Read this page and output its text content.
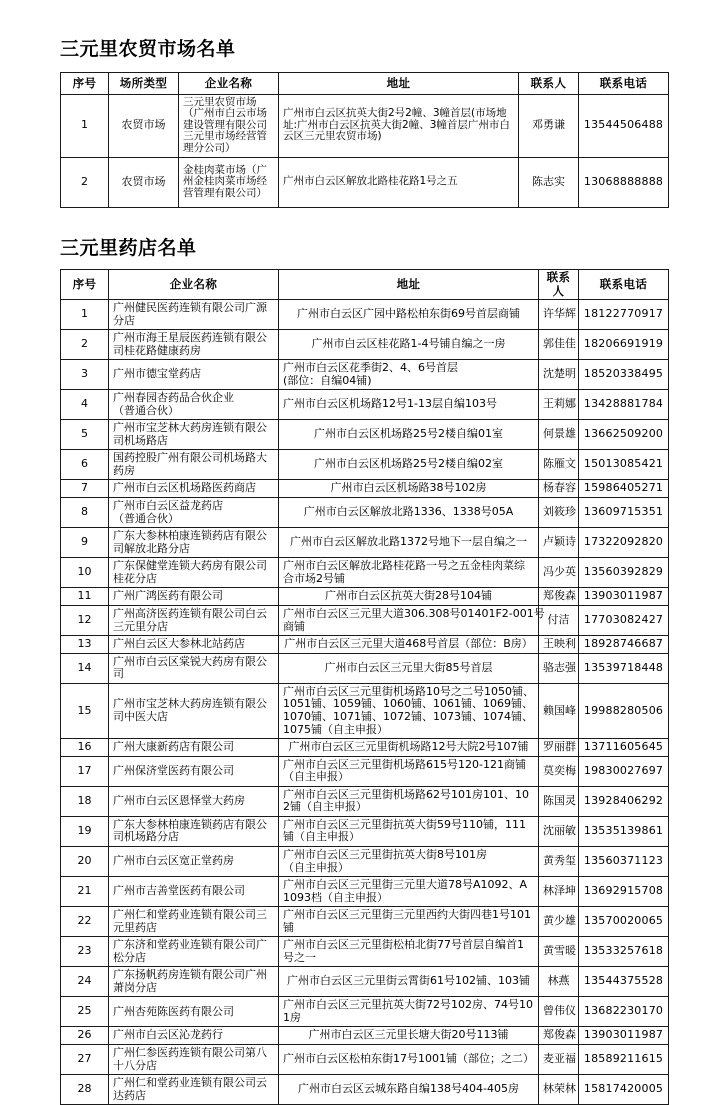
三元里农贸市场名单
序号	场所类型	企业名称	地址	联系人	联系电话
1	农贸市场	三元里农贸市场（广州市白云市场建设管理有限公司三元里市场经营管理分公司）	广州市白云区抗英大街2号2幢、3幢首层(市场地址:广州市白云区抗英大街2幢、3幢首层广州市白云区三元里农贸市场)	邓勇谦	13544506488
2	农贸市场	金桂肉菜市场（广州金桂肉菜市场经营管理有限公司）	广州市白云区解放北路桂花路1号之五	陈志实	13068888888
三元里药店名单
序号	企业名称	地址	联系人	联系电话
1	广州健民医药连锁有限公司广源分店	广州市白云区广园中路松柏东街69号首层商铺	许华辉	18122770917
2	广州市海王星辰医药连锁有限公司桂花路健康药房	广州市白云区桂花路1-4号铺自编之一房	郭佳佳	18206691919
3	广州市德宝堂药店	广州市白云区花季街2、4、6号首层
(部位：自编04铺)	沈楚明	18520338495
4	广州春园杏药品合伙企业
（普通合伙）	广州市白云区机场路12号1-13层自编103号	王莉娜	13428881784
5	广州市宝芝林大药房连锁有限公司机场路店	广州市白云区机场路25号2楼自编01室	何景雄	13662509200
6	国药控股广州有限公司机场路大药房	广州市白云区机场路25号2楼自编02室	陈雁文	15013085421
7	广州市白云区机场路医药商店	广州市白云区机场路38号102房	杨春容	15986405271
8	广州市白云区益龙药店
（普通合伙）	广州市白云区解放北路1336、1338号05A	刘筱珍	13609715351
9	广东大参林柏康连锁药店有限公司解放北路分店	广州市白云区解放北路1372号地下一层自编之一	卢颖诗	17322092820
10	广东保健堂连锁大药房有限公司桂花分店	广州市白云区解放北路桂花路一号之五金桂肉菜综合市场2号铺	冯少英	13560392829
11	广州广鸿医药有限公司	广州市白云区抗英大街28号104铺	郑俊森	13903011987
12	广州高济医药连锁有限公司白云三元里分店	广州市白云区三元里大道306.308号01401F2-001号商铺	付洁	17703082427
13	广州白云区大参林北站药店	广州市白云区三元里大道468号首层（部位：B房）	王映利	18928746687
14	广州市白云区棠锐大药房有限公司	广州市白云区三元里大街85号首层	骆志强	13539718448
15	广州市宝芝林大药房连锁有限公司中医大店	广州市白云区三元里街机场路10号之二号1050铺、1051铺、1059铺、1060铺、1061铺、1069铺、1070铺、1071铺、1072铺、1073铺、1074铺、1075铺（自主申报）	赖国峰	19988280506
16	广州大康新药店有限公司	广州市白云区三元里街机场路12号大院2号107铺	罗丽群	13711605645
17	广州保济堂医药有限公司	广州市白云区三元里街机场路615号120-121商铺（自主申报）	莫奕梅	19830027697
18	广州市白云区恩怿堂大药房	广州市白云区三元里街机场路62号101房101、102铺（自主申报）	陈国灵	13928406292
19	广东大参林柏康连锁药店有限公司机场路分店	广州市白云区三元里街抗英大街59号110铺，111铺（自主申报）	沈丽敏	13535139861
20	广州市白云区宽正堂药房	广州市白云区三元里街抗英大街8号101房
（自主申报）	黄秀玺	13560371123
21	广州市吉善堂医药有限公司	广州市白云区三元里街三元里大道78号A1092、A1093档（自主申报）	林泽坤	13692915708
22	广州仁和堂药业连锁有限公司三元里药店	广州市白云区三元里街三元里西约大街四巷1号101铺	黄少雄	13570020065
23	广东济和堂药业连锁有限公司广松分店	广州市白云区三元里街松柏北街77号首层自编首1号之一	黄雪暖	13533257618
24	广东扬帆药房连锁有限公司广州萧岗分店	广州市白云区三元里街云霄街61号102铺、103铺	林燕	13544375528
25	广州杏苑陈医药有限公司	广州市白云区三元里抗英大街72号102房、74号101房	曾伟仪	13682230170
26	广州市白云区沁龙药行	广州市白云区三元里长塘大街20号113铺	郑俊森	13903011987
27	广州仁参医药连锁有限公司第八十八分店	广州市白云区松柏东街17号1001铺（部位；之二）	麦亚福	18589211615
28	广州仁和堂药业连锁有限公司云达药店	广州市白云区云城东路自编138号404-405房	林荣林	15817420005
